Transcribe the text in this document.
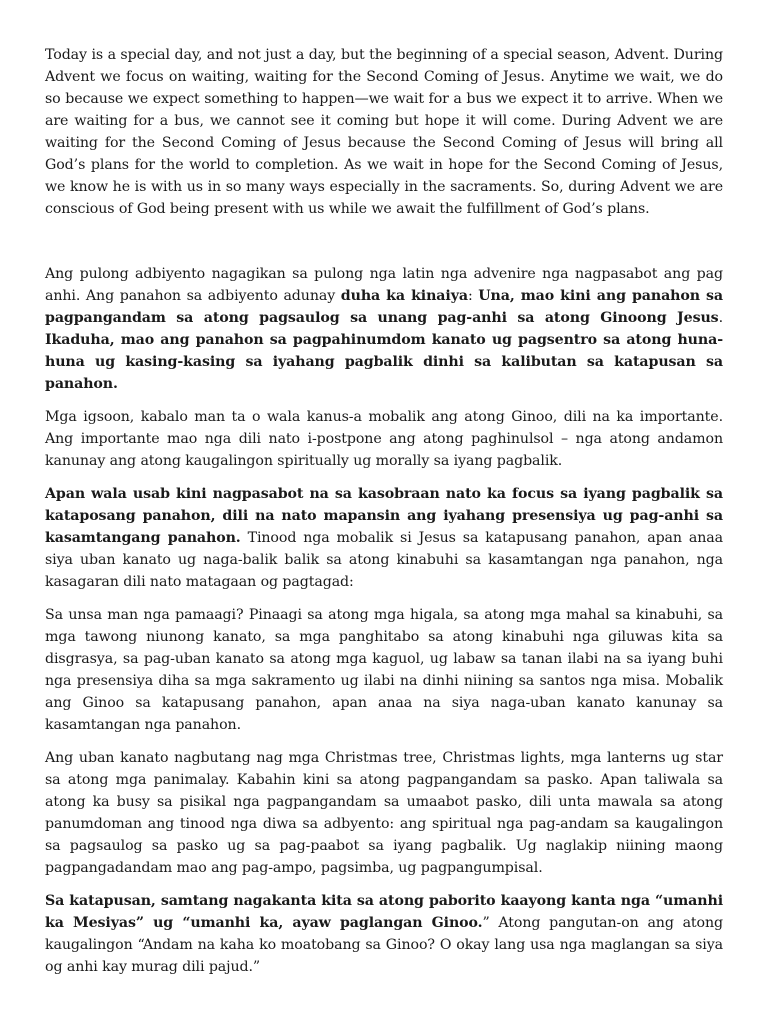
Today is a special day, and not just a day, but the beginning of a special season, Advent. During Advent we focus on waiting, waiting for the Second Coming of Jesus. Anytime we wait, we do so because we expect something to happen—we wait for a bus we expect it to arrive. When we are waiting for a bus, we cannot see it coming but hope it will come. During Advent we are waiting for the Second Coming of Jesus because the Second Coming of Jesus will bring all God’s plans for the world to completion. As we wait in hope for the Second Coming of Jesus, we know he is with us in so many ways especially in the sacraments. So, during Advent we are conscious of God being present with us while we await the fulfillment of God’s plans.

Ang pulong adbiyento nagagikan sa pulong nga latin nga advenire nga nagpasabot ang pag anhi. Ang panahon sa adbiyento adunay duha ka kinaiya: Una, mao kini ang panahon sa pagpangandam sa atong pagsaulog sa unang pag-anhi sa atong Ginoong Jesus. Ikaduha, mao ang panahon sa pagpahinumdom kanato ug pagsentro sa atong huna-huna ug kasing-kasing sa iyahang pagbalik dinhi sa kalibutan sa katapusan sa panahon.

Mga igsoon, kabalo man ta o wala kanus-a mobalik ang atong Ginoo, dili na ka importante. Ang importante mao nga dili nato i-postpone ang atong paghinulsol – nga atong andamon kanunay ang atong kaugalingon spiritually ug morally sa iyang pagbalik.

Apan wala usab kini nagpasabot na sa kasobraan nato ka focus sa iyang pagbalik sa kataposang panahon, dili na nato mapansin ang iyahang presensiya ug pag-anhi sa kasamtangang panahon. Tinood nga mobalik si Jesus sa katapusang panahon, apan anaa siya uban kanato ug naga-balik balik sa atong kinabuhi sa kasamtangan nga panahon, nga kasagaran dili nato matagaan og pagtagad:

Sa unsa man nga pamaagi? Pinaagi sa atong mga higala, sa atong mga mahal sa kinabuhi, sa mga tawong niunong kanato, sa mga panghitabo sa atong kinabuhi nga giluwas kita sa disgrasya, sa pag-uban kanato sa atong mga kaguol, ug labaw sa tanan ilabi na sa iyang buhi nga presensiya diha sa mga sakramento ug ilabi na dinhi niining sa santos nga misa. Mobalik ang Ginoo sa katapusang panahon, apan anaa na siya naga-uban kanato kanunay sa kasamtangan nga panahon.

Ang uban kanato nagbutang nag mga Christmas tree, Christmas lights, mga lanterns ug star sa atong mga panimalay. Kabahin kini sa atong pagpangandam sa pasko. Apan taliwala sa atong ka busy sa pisikal nga pagpangandam sa umaabot pasko, dili unta mawala sa atong panumdoman ang tinood nga diwa sa adbyento: ang spiritual nga pag-andam sa kaugalingon sa pagsaulog sa pasko ug sa pag-paabot sa iyang pagbalik. Ug naglakip niining maong pagpangadandam mao ang pag-ampo, pagsimba, ug pagpangumpisal.

Sa katapusan, samtang nagakanta kita sa atong paborito kaayong kanta nga “umanhi ka Mesiyas” ug “umanhi ka, ayaw paglangan Ginoo.” Atong pangutan-on ang atong kaugalingon “Andam na kaha ko moatobang sa Ginoo? O okay lang usa nga maglangan sa siya og anhi kay murag dili pajud.”
